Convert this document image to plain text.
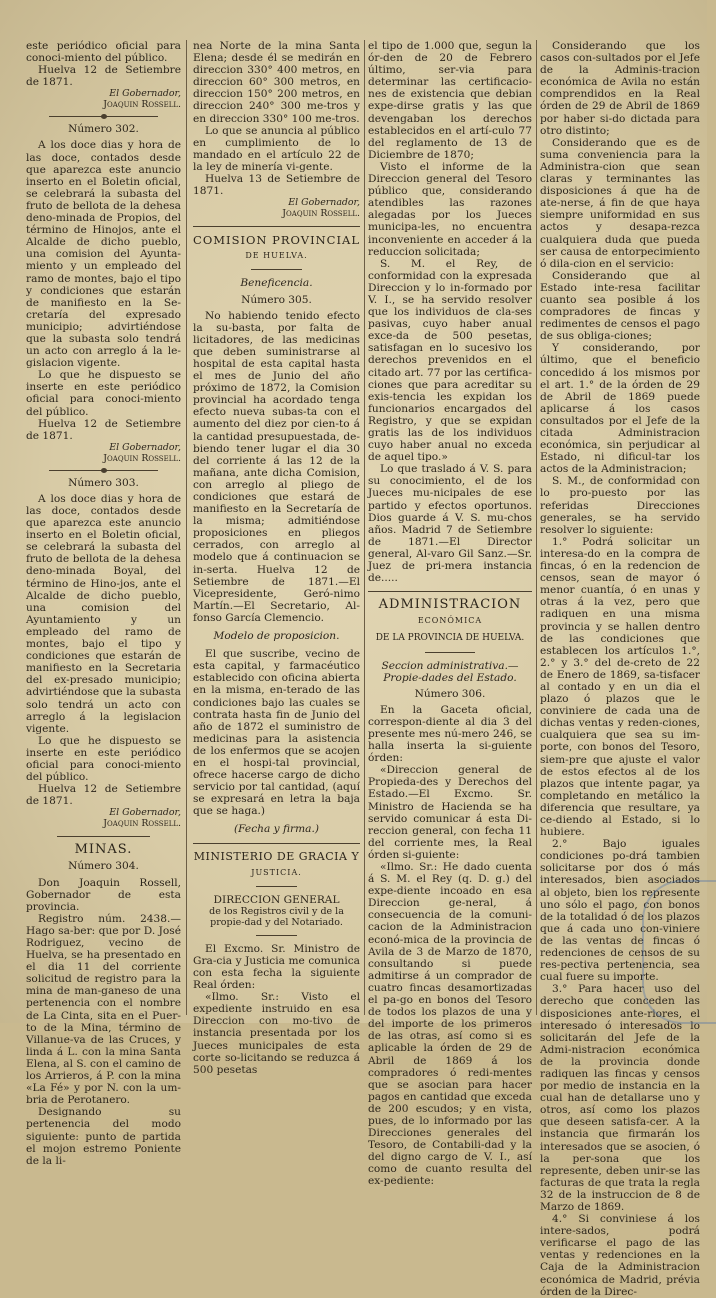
este periódico oficial para conoci-miento del público.

Huelva 12 de Setiembre de 1871.

El Gobernador,
Joaquin Rossell.

Número 302.

A los doce dias y hora de las doce, contados desde que aparezca este anuncio inserto en el Boletin oficial, se celebrará la subasta del fruto de bellota de la dehesa deno-minada de Propios, del término de Hinojos, ante el Alcalde de dicho pueblo, una comision del Ayunta-miento y un empleado del ramo de montes, bajo el tipo y condiciones que estarán de manifiesto en la Se-cretaría del expresado municipio; advirtiéndose que la subasta solo tendrá un acto con arreglo á la le-gislacion vigente.

Lo que he dispuesto se inserte en este periódico oficial para conoci-miento del público.

Huelva 12 de Setiembre de 1871.

El Gobernador,
Joaquin Rossell.

Número 303.

A los doce dias y hora de las doce, contados desde que aparezca este anuncio inserto en el Boletin oficial, se celebrará la subasta del fruto de bellota de la dehesa deno-minada Boyal, del término de Hino-jos, ante el Alcalde de dicho pueblo, una comision del Ayuntamiento y un empleado del ramo de montes, bajo el tipo y condiciones que estarán de manifiesto en la Secretaria del ex-presado municipio; advirtiéndose que la subasta solo tendrá un acto con arreglo á la legislacion vigente.

Lo que he dispuesto se inserte en este periódico oficial para conoci-miento del público.

Huelva 12 de Setiembre de 1871.

El Gobernador,
Joaquin Rossell.

MINAS.

Número 304.

Don Joaquin Rossell, Gobernador de esta provincia.

Registro núm. 2438.—Hago sa-ber: que por D. José Rodriguez, vecino de Huelva, se ha presentado en el dia 11 del corriente solicitud de registro para la mina de man-ganeso de una pertenencia con el nombre de La Cinta, sita en el Puer-to de la Mina, término de Villanue-va de las Cruces, y linda á L. con la mina Santa Elena, al S. con el camino de los Arrieros, á P. con la mina «La Fé» y por N. con la um-bria de Perotanero.

Designando su pertenencia del modo siguiente: punto de partida el mojon estremo Poniente de la li-

nea Norte de la mina Santa Elena; desde él se medirán en direccion 330° 400 metros, en direccion 60° 300 metros, en direccion 150° 200 metros, en direccion 240° 300 me-tros y en direccion 330° 100 me-tros.

Lo que se anuncia al público en cumplimiento de lo mandado en el artículo 22 de la ley de minería vi-gente.

Huelva 13 de Setiembre de 1871.

El Gobernador,
Joaquin Rossell.

COMISION PROVINCIAL

DE HUELVA.

Beneficencia.

Número 305.

No habiendo tenido efecto la su-basta, por falta de licitadores, de las medicinas que deben suministrarse al hospital de esta capital hasta el mes de Junio del año próximo de 1872, la Comision provincial ha acordado tenga efecto nueva subas-ta con el aumento del diez por cien-to á la cantidad presupuestada, de-biendo tener lugar el dia 30 del corriente á las 12 de la mañana, ante dicha Comision, con arreglo al pliego de condiciones que estará de manifiesto en la Secretaría de la misma; admitiéndose proposiciones en pliegos cerrados, con arreglo al modelo que á continuacion se in-serta. Huelva 12 de Setiembre de 1871.—El Vicepresidente, Geró-nimo Martín.—El Secretario, Al-fonso García Clemencio.

Modelo de proposicion.

El que suscribe, vecino de esta capital, y farmacéutico establecido con oficina abierta en la misma, en-terado de las condiciones bajo las cuales se contrata hasta fin de Junio del año de 1872 el suministro de medicinas para la asistencia de los enfermos que se acojen en el hospi-tal provincial, ofrece hacerse cargo de dicho servicio por tal cantidad, (aquí se expresará en letra la baja que se haga.)

(Fecha y firma.)

MINISTERIO DE GRACIA Y

JUSTICIA.

DIRECCION GENERAL

de los Registros civil y de la propie-dad y del Notariado.

El Excmo. Sr. Ministro de Gra-cia y Justicia me comunica con esta fecha la siguiente Real órden:

«Ilmo. Sr.: Visto el expediente instruido en esa Direccion con mo-tivo de instancia presentada por los Jueces municipales de esta corte so-licitando se reduzca á 500 pesetas

el tipo de 1.000 que, segun la ór-den de 20 de Febrero último, ser-via para determinar las certificacio-nes de existencia que debian expe-dirse gratis y las que devengaban los derechos establecidos en el artí-culo 77 del reglamento de 13 de Diciembre de 1870;

Visto el informe de la Direccion general del Tesoro público que, considerando atendibles las razones alegadas por los Jueces municipa-les, no encuentra inconveniente en acceder á la reduccion solicitada;

S. M. el Rey, de conformidad con la expresada Direccion y lo in-formado por V. I., se ha servido resolver que los individuos de cla-ses pasivas, cuyo haber anual exce-da de 500 pesetas, satisfagan en lo sucesivo los derechos prevenidos en el citado art. 77 por las certifica-ciones que para acreditar su exis-tencia les expidan los funcionarios encargados del Registro, y que se expidan gratis las de los individuos cuyo haber anual no exceda de aquel tipo.»

Lo que traslado á V. S. para su conocimiento, el de los Jueces mu-nicipales de ese partido y efectos oportunos. Dios guarde á V. S. mu-chos años. Madrid 7 de Setiembre de 1871.—El Director general, Al-varo Gil Sanz.—Sr. Juez de pri-mera instancia de.....

ADMINISTRACION

ECONÓMICA

DE LA PROVINCIA DE HUELVA.

Seccion administrativa.—Propie-dades del Estado.

Número 306.

En la Gaceta oficial, correspon-diente al dia 3 del presente mes nú-mero 246, se halla inserta la si-guiente órden:

«Direccion general de Propieda-des y Derechos del Estado.—El Excmo. Sr. Ministro de Hacienda se ha servido comunicar á esta Di-reccion general, con fecha 11 del corriente mes, la Real órden si-guiente:

«Ilmo. Sr.: He dado cuenta á S. M. el Rey (q. D. g.) del expe-diente incoado en esa Direccion ge-neral, á consecuencia de la comuni-cacion de la Administracion econó-mica de la provincia de Avila de 3 de Marzo de 1870, consultando si puede admitirse á un comprador de cuatro fincas desamortizadas el pa-go en bonos del Tesoro de todos los plazos de una y del importe de los primeros de las otras, así como si es aplicable la órden de 29 de Abril de 1869 á los compradores ó redi-mentes que se asocian para hacer pagos en cantidad que exceda de 200 escudos; y en vista, pues, de lo informado por las Direcciones generales del Tesoro, de Contabili-dad y la del digno cargo de V. I., así como de cuanto resulta del ex-pediente:

Considerando que los casos con-sultados por el Jefe de la Adminis-tracion económica de Avila no están comprendidos en la Real órden de 29 de Abril de 1869 por haber si-do dictada para otro distinto;

Considerando que es de suma conveniencia para la Administra-cion que sean claras y terminantes las disposiciones á que ha de ate-nerse, á fin de que haya siempre uniformidad en sus actos y desapa-rezca cualquiera duda que pueda ser causa de entorpecimiento ó dila-cion en el servicio:

Considerando que al Estado inte-resa facilitar cuanto sea posible á los compradores de fincas y redimentes de censos el pago de sus obliga-ciones;

Y considerando, por último, que el beneficio concedido á los mismos por el art. 1.° de la órden de 29 de Abril de 1869 puede aplicarse á los casos consultados por el Jefe de la citada Administracion económica, sin perjudicar al Estado, ni dificul-tar los actos de la Administracion;

S. M., de conformidad con lo pro-puesto por las referidas Direcciones generales, se ha servido resolver lo siguiente:

1.° Podrá solicitar un interesa-do en la compra de fincas, ó en la redencion de censos, sean de mayor ó menor cuantía, ó en unas y otras á la vez, pero que radiquen en una misma provincia y se hallen dentro de las condiciones que establecen los artículos 1.°, 2.° y 3.° del de-creto de 22 de Enero de 1869, sa-tisfacer al contado y en un dia el plazo ó plazos que le conviniere de cada una de dichas ventas y reden-ciones, cualquiera que sea su im-porte, con bonos del Tesoro, siem-pre que ajuste el valor de estos efectos al de los plazos que intente pagar, ya completando en metálico la diferencia que resultare, ya ce-diendo al Estado, si lo hubiere.

2.° Bajo iguales condiciones po-drá tambien solicitarse por dos ó más interesados, bien asociados al objeto, bien los represente uno sólo el pago, con bonos de la totalidad ó de los plazos que á cada uno con-viniere de las ventas de fincas ó redenciones de censos de su res-pectiva pertenencia, sea cual fuere su importe.

3.° Para hacer uso del derecho que conceden las disposiciones ante-riores, el interesado ó interesados lo solicitarán del Jefe de la Admi-nistracion económica de la provincia donde radiquen las fincas y censos por medio de instancia en la cual han de detallarse uno y otros, así como los plazos que deseen satisfa-cer. A la instancia que firmarán los interesados que se asocien, ó la per-sona que los represente, deben unir-se las facturas de que trata la regla 32 de la instruccion de 8 de Marzo de 1869.

4.° Si conviniese á los intere-sados, podrá verificarse el pago de las ventas y redenciones en la Caja de la Administracion económica de Madrid, prévia órden de la Direc-
